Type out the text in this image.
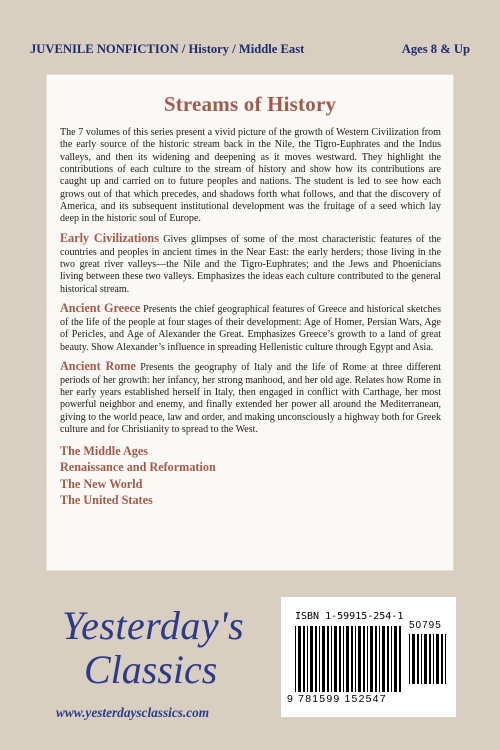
JUVENILE NONFICTION / History / Middle East	Ages 8 & Up
Streams of History

The 7 volumes of this series present a vivid picture of the growth of Western Civilization from the early source of the historic stream back in the Nile, the Tigro-Euphrates and the Indus valleys, and then its widening and deepening as it moves westward. They highlight the contributions of each culture to the stream of history and show how its contributions are caught up and carried on to future peoples and nations. The student is led to see how each grows out of that which precedes, and shadows forth what follows, and that the discovery of America, and its subsequent institutional development was the fruitage of a seed which lay deep in the historic soul of Europe.

Early Civilizations Gives glimpses of some of the most characteristic features of the countries and peoples in ancient times in the Near East: the early herders; those living in the two great river valleys—the Nile and the Tigro-Euphrates; and the Jews and Phoenicians living between these two valleys. Emphasizes the ideas each culture contributed to the general historical stream.

Ancient Greece Presents the chief geographical features of Greece and historical sketches of the life of the people at four stages of their development: Age of Homer, Persian Wars, Age of Pericles, and Age of Alexander the Great. Emphasizes Greece’s growth to a land of great beauty. Show Alexander’s influence in spreading Hellenistic culture through Egypt and Asia.

Ancient Rome Presents the geography of Italy and the life of Rome at three different periods of her growth: her infancy, her strong manhood, and her old age. Relates how Rome in her early years established herself in Italy, then engaged in conflict with Carthage, her most powerful neighbor and enemy, and finally extended her power all around the Mediterranean, giving to the world peace, law and order, and making unconsciously a highway both for Greek culture and for Christianity to spread to the West.

The Middle Ages
Renaissance and Reformation
The New World
The United States
Yesterday's
Classics
www.yesterdaysclassics.com
ISBN 1-59915-254-1
50795
9 781599 152547
